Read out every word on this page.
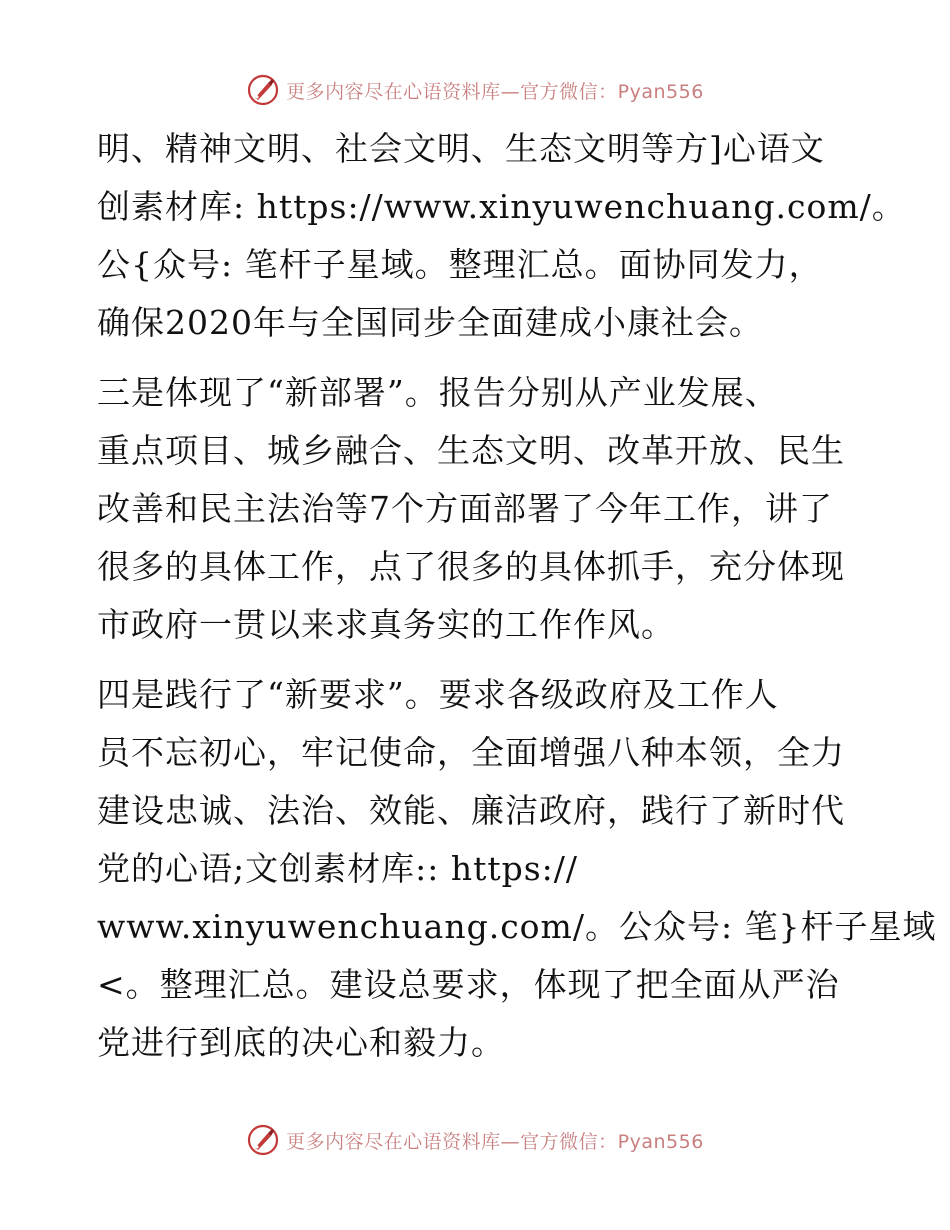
更多内容尽在心语资料库—官方微信：Pyan556
明、精神文明、社会文明、生态文明等方]心语文
创素材库: https://www.xinyuwenchuang.com/。
公{众号: 笔杆子星域。整理汇总。面协同发力，
确保2020年与全国同步全面建成小康社会。
三是体现了“新部署”。报告分别从产业发展、
重点项目、城乡融合、生态文明、改革开放、民生
改善和民主法治等7个方面部署了今年工作，讲了
很多的具体工作，点了很多的具体抓手，充分体现
市政府一贯以来求真务实的工作作风。
四是践行了“新要求”。要求各级政府及工作人
员不忘初心，牢记使命，全面增强八种本领，全力
建设忠诚、法治、效能、廉洁政府，践行了新时代
党的心语;文创素材库:: https://
www.xinyuwenchuang.com/。公众号: 笔}杆子星域
<。整理汇总。建设总要求，体现了把全面从严治
党进行到底的决心和毅力。
更多内容尽在心语资料库—官方微信：Pyan556
